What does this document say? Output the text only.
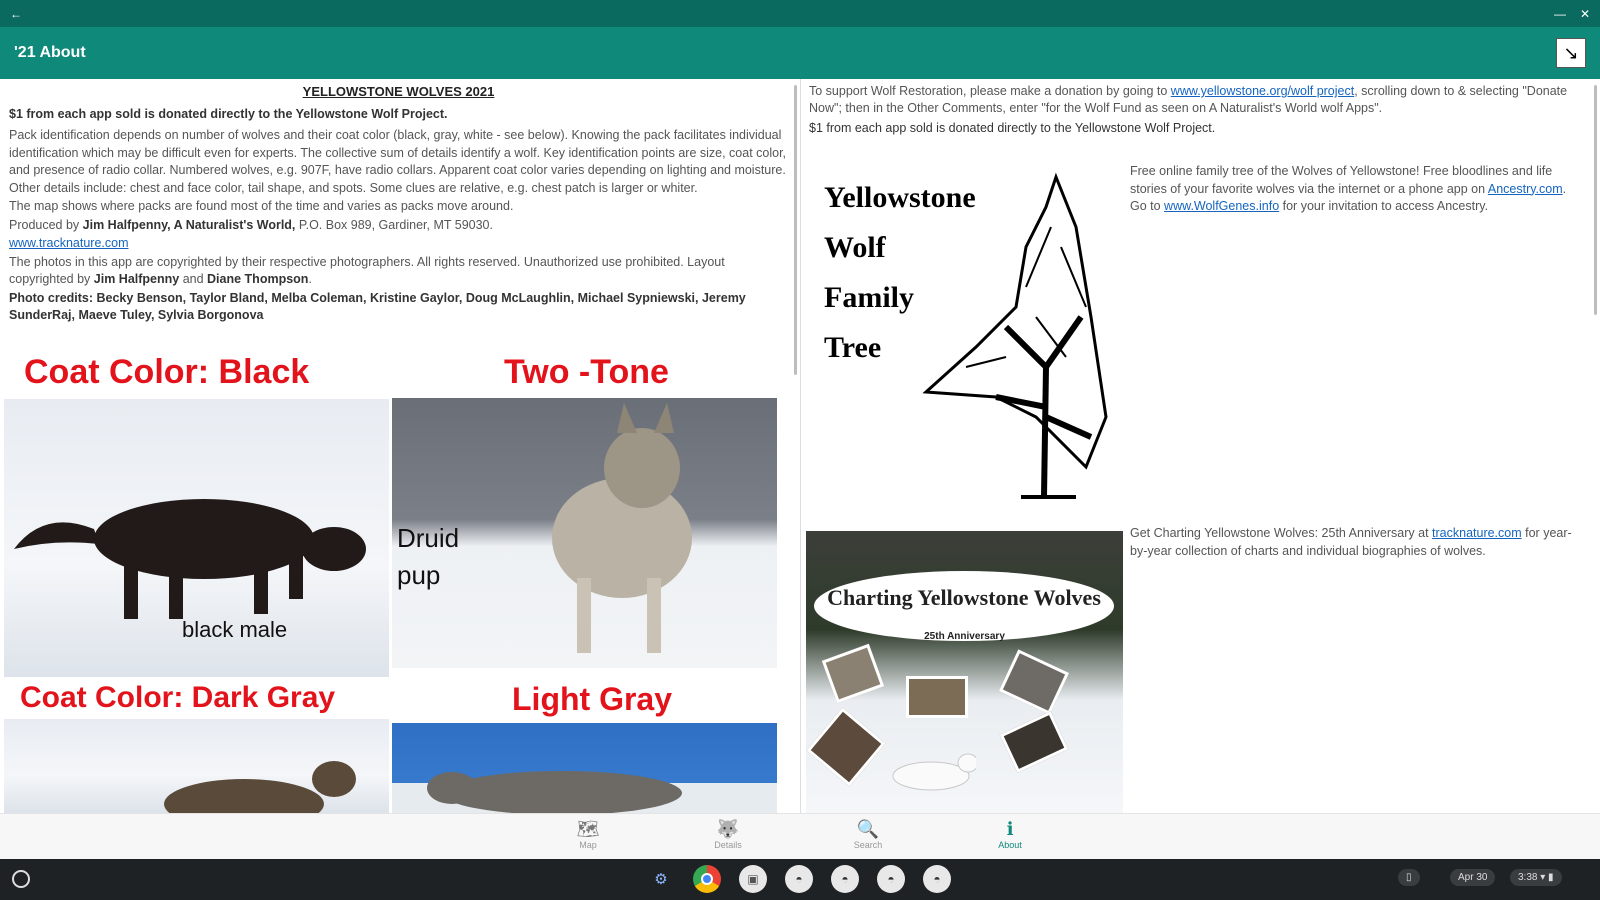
←	— ✕
'21 About	↘
YELLOWSTONE WOLVES 2021

$1 from each app sold is donated directly to the Yellowstone Wolf Project.

Pack identification depends on number of wolves and their coat color (black, gray, white - see below). Knowing the pack facilitates individual identification which may be difficult even for experts. The collective sum of details identify a wolf. Key identification points are size, coat color, and presence of radio collar. Numbered wolves, e.g. 907F, have radio collars. Apparent coat color varies depending on lighting and moisture. Other details include: chest and face color, tail shape, and spots. Some clues are relative, e.g. chest patch is larger or whiter.

The map shows where packs are found most of the time and varies as packs move around.

Produced by Jim Halfpenny, A Naturalist's World, P.O. Box 989, Gardiner, MT 59030.

www.tracknature.com

The photos in this app are copyrighted by their respective photographers. All rights reserved. Unauthorized use prohibited. Layout copyrighted by Jim Halfpenny and Diane Thompson.

Photo credits: Becky Benson, Taylor Bland, Melba Coleman, Kristine Gaylor, Doug McLaughlin, Michael Sypniewski, Jeremy SunderRaj, Maeve Tuley, Sylvia Borgonova

Coat Color: Black	Two -Tone
black male
Druid
pup
Coat Color: Dark Gray	Light Gray

To support Wolf Restoration, please make a donation by going to www.yellowstone.org/wolf project, scrolling down to & selecting "Donate Now"; then in the Other Comments, enter "for the Wolf Fund as seen on A Naturalist's World wolf Apps".

$1 from each app sold is donated directly to the Yellowstone Wolf Project.

Yellowstone
Wolf
Family
Tree
Free online family tree of the Wolves of Yellowstone! Free bloodlines and life stories of your favorite wolves via the internet or a phone app on Ancestry.com. Go to www.WolfGenes.info for your invitation to access Ancestry.
Charting Yellowstone Wolves
25th Anniversary
Get Charting Yellowstone Wolves: 25th Anniversary at tracknature.com for year-by-year collection of charts and individual biographies of wolves.
🗺
Map
🐺
Details
🔍
Search
ℹ
About
⚙	▣	◓	◓	◓	◓	▯	Apr 30	3:38 ▾ ▮
